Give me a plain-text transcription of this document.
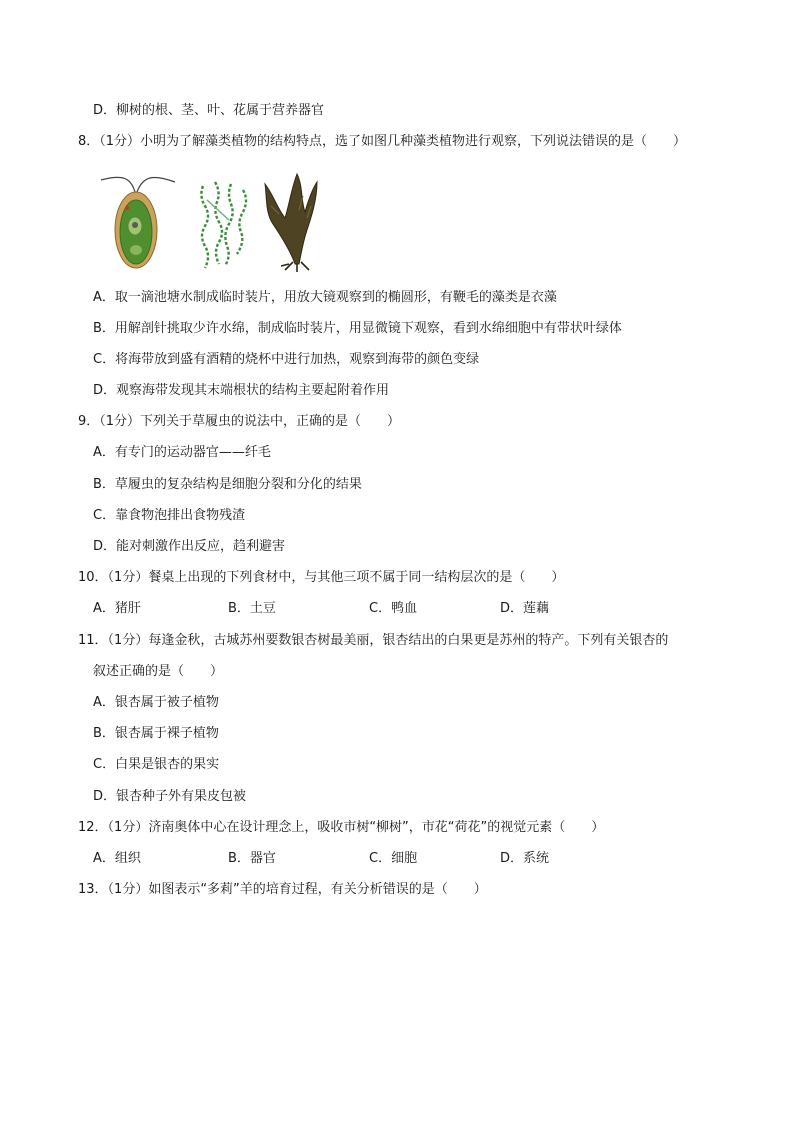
D．柳树的根、茎、叶、花属于营养器官
8．（1分）小明为了解藻类植物的结构特点，选了如图几种藻类植物进行观察，下列说法错误的是（　　）
A．取一滴池塘水制成临时装片，用放大镜观察到的椭圆形，有鞭毛的藻类是衣藻
B．用解剖针挑取少许水绵，制成临时装片，用显微镜下观察，看到水绵细胞中有带状叶绿体
C．将海带放到盛有酒精的烧杯中进行加热，观察到海带的颜色变绿
D．观察海带发现其末端根状的结构主要起附着作用
9．（1分）下列关于草履虫的说法中，正确的是（　　）
A．有专门的运动器官——纤毛
B．草履虫的复杂结构是细胞分裂和分化的结果
C．靠食物泡排出食物残渣
D．能对刺激作出反应，趋利避害
10．（1分）餐桌上出现的下列食材中，与其他三项不属于同一结构层次的是（　　）
A．猪肝	B．土豆	C．鸭血	D．莲藕
11．（1分）每逢金秋，古城苏州要数银杏树最美丽，银杏结出的白果更是苏州的特产。下列有关银杏的
叙述正确的是（　　）
A．银杏属于被子植物
B．银杏属于裸子植物
C．白果是银杏的果实
D．银杏种子外有果皮包被
12．（1分）济南奥体中心在设计理念上，吸收市树“柳树”，市花“荷花”的视觉元素（　　）
A．组织	B．器官	C．细胞	D．系统
13．（1分）如图表示“多莉”羊的培育过程，有关分析错误的是（　　）
